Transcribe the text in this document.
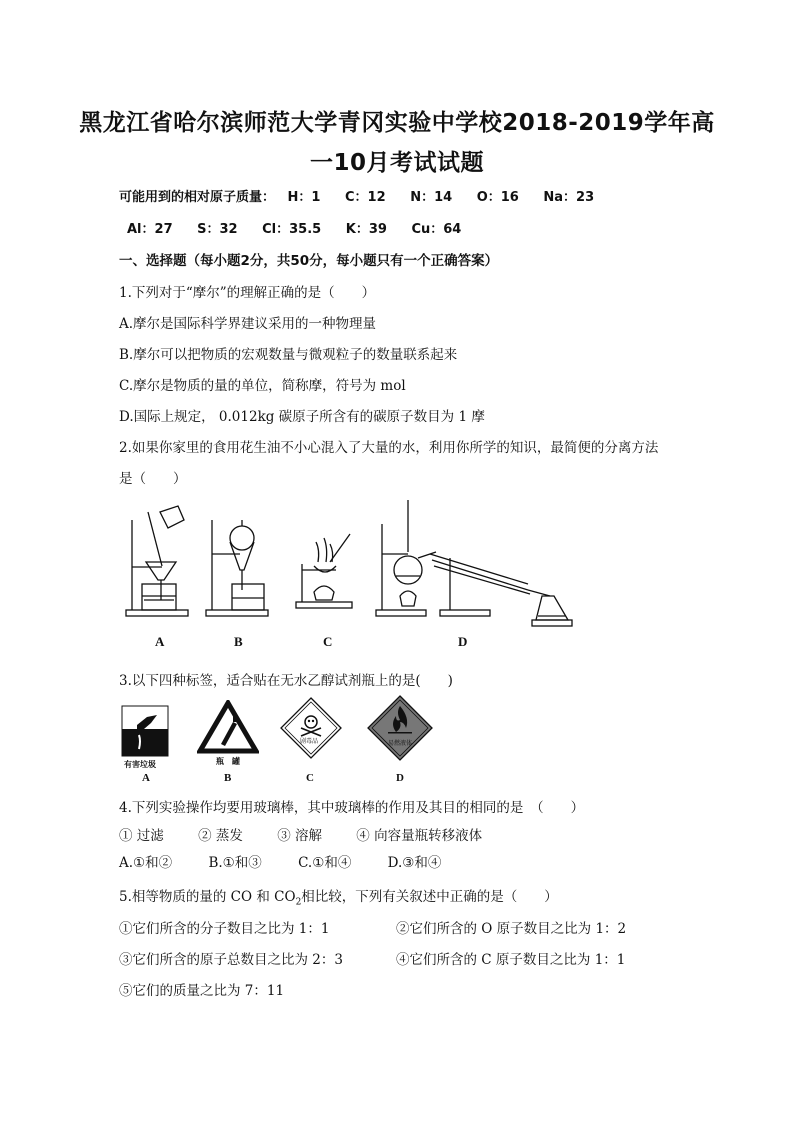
黑龙江省哈尔滨师范大学青冈实验中学校2018-2019学年高
一10月考试试题
可能用到的相对原子质量： H：1 C：12 N：14 O：16 Na：23
Al：27 S：32 Cl：35.5 K：39 Cu：64
一、选择题（每小题2分，共50分，每小题只有一个正确答案）
1.下列对于“摩尔”的理解正确的是（　　）
A.摩尔是国际科学界建议采用的一种物理量
B.摩尔可以把物质的宏观数量与微观粒子的数量联系起来
C.摩尔是物质的量的单位，简称摩，符号为 mol
D.国际上规定， 0.012kg 碳原子所含有的碳原子数目为 1 摩
2.如果你家里的食用花生油不小心混入了大量的水，利用你所学的知识，最简便的分离方法
是（　　）
A	B	C	D
3.以下四种标签，适合贴在无水乙醇试剂瓶上的是(　　)
有害垃圾	瓶　罐
剧毒品	易燃液体
A	B	C	D
4.下列实验操作均要用玻璃棒，其中玻璃棒的作用及其目的相同的是　（　　）
① 过滤	② 蒸发	③ 溶解	④ 向容量瓶转移液体
A.①和②	B.①和③	C.①和④	D.③和④
5.相等物质的量的 CO 和 $CO_2$相比较，下列有关叙述中正确的是（　　）
①它们所含的分子数目之比为 1：1	②它们所含的 O 原子数目之比为 1：2
③它们所含的原子总数目之比为 2：3	④它们所含的 C 原子数目之比为 1：1
⑤它们的质量之比为 7：11
